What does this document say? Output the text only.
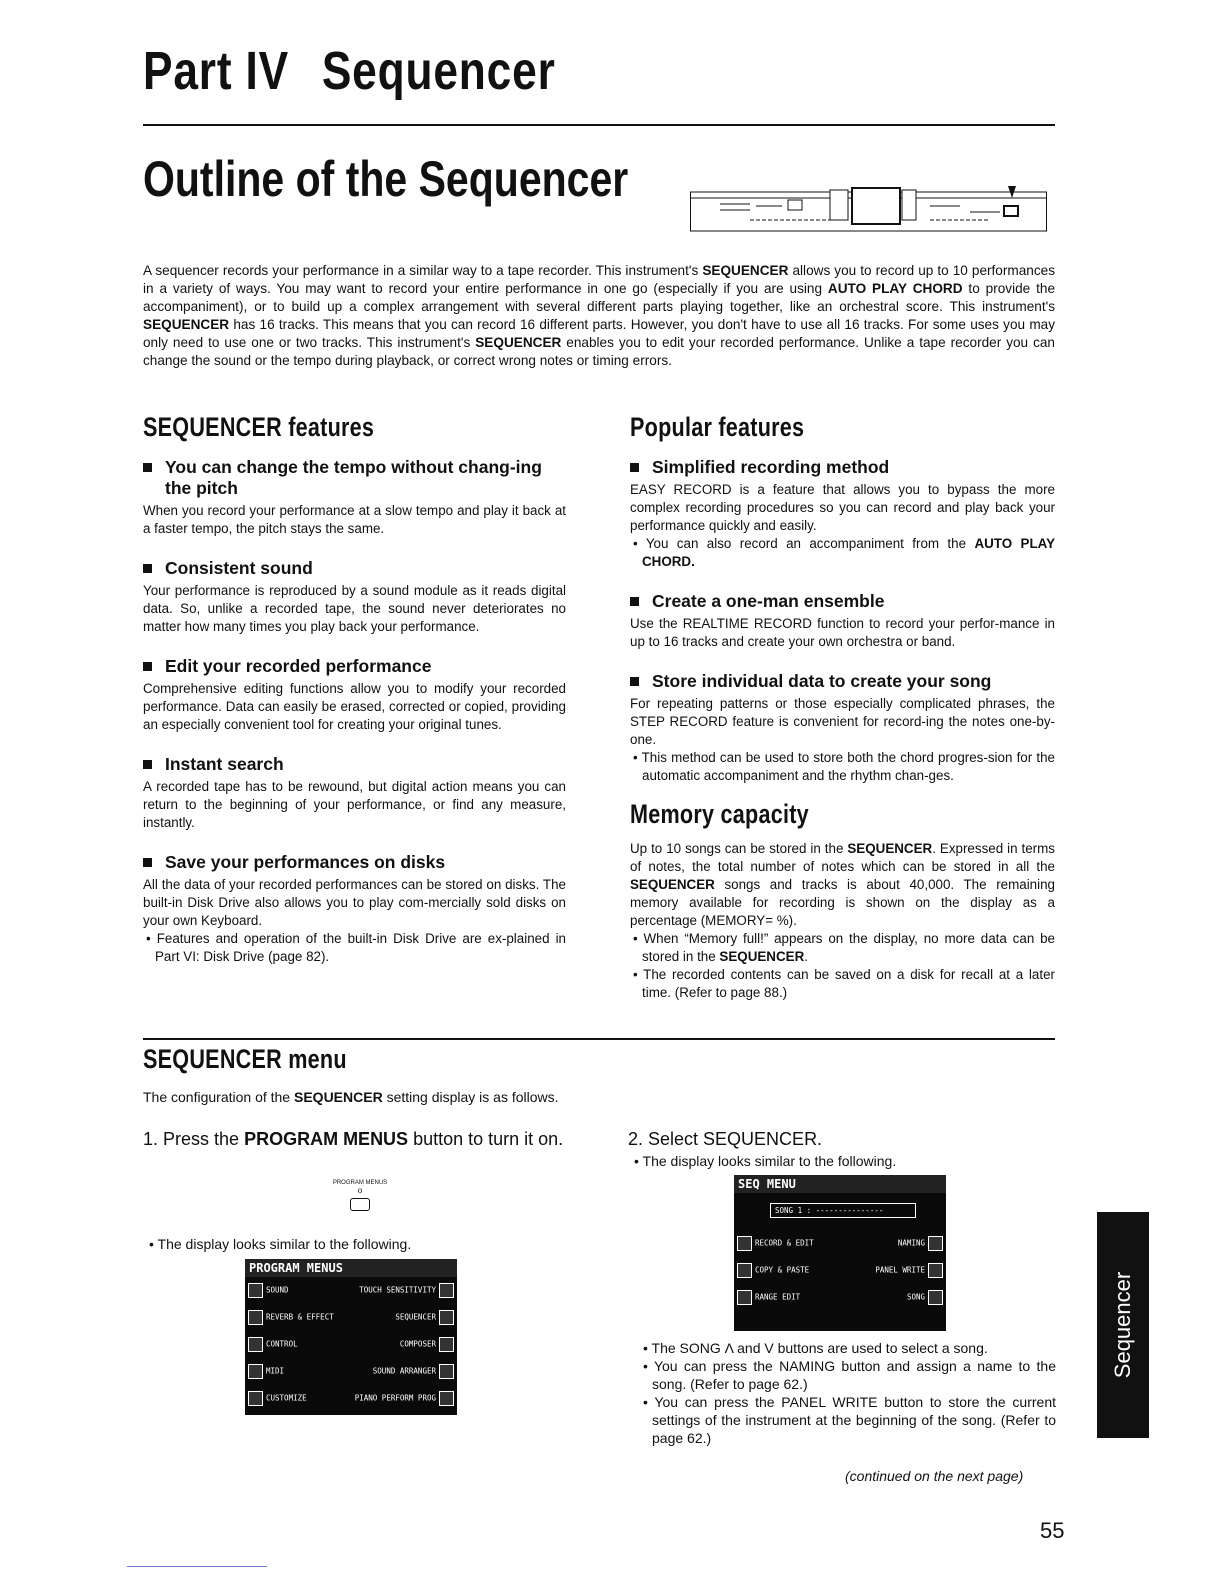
Part IV Sequencer
Outline of the Sequencer
A sequencer records your performance in a similar way to a tape recorder. This instrument's SEQUENCER allows you to record up to 10 performances in a variety of ways. You may want to record your entire performance in one go (especially if you are using AUTO PLAY CHORD to provide the accompaniment), or to build up a complex arrangement with several different parts playing together, like an orchestral score. This instrument's SEQUENCER has 16 tracks. This means that you can record 16 different parts. However, you don't have to use all 16 tracks. For some uses you may only need to use one or two tracks. This instrument's SEQUENCER enables you to edit your recorded performance. Unlike a tape recorder you can change the sound or the tempo during playback, or correct wrong notes or timing errors.
SEQUENCER features
You can change the tempo without chang-ing the pitch

When you record your performance at a slow tempo and play it back at a faster tempo, the pitch stays the same.

Consistent sound

Your performance is reproduced by a sound module as it reads digital data. So, unlike a recorded tape, the sound never deteriorates no matter how many times you play back your performance.

Edit your recorded performance

Comprehensive editing functions allow you to modify your recorded performance. Data can easily be erased, corrected or copied, providing an especially convenient tool for creating your original tunes.

Instant search

A recorded tape has to be rewound, but digital action means you can return to the beginning of your performance, or find any measure, instantly.

Save your performances on disks

All the data of your recorded performances can be stored on disks. The built-in Disk Drive also allows you to play com-mercially sold disks on your own Keyboard.

• Features and operation of the built-in Disk Drive are ex-plained in Part VI: Disk Drive (page 82).

Popular features
Simplified recording method

EASY RECORD is a feature that allows you to bypass the more complex recording procedures so you can record and play back your performance quickly and easily.

• You can also record an accompaniment from the AUTO PLAY CHORD.

Create a one-man ensemble

Use the REALTIME RECORD function to record your perfor-mance in up to 16 tracks and create your own orchestra or band.

Store individual data to create your song

For repeating patterns or those especially complicated phrases, the STEP RECORD feature is convenient for record-ing the notes one-by-one.

• This method can be used to store both the chord progres-sion for the automatic accompaniment and the rhythm chan-ges.

Memory capacity

Up to 10 songs can be stored in the SEQUENCER. Expressed in terms of notes, the total number of notes which can be stored in all the SEQUENCER songs and tracks is about 40,000. The remaining memory available for recording is shown on the display as a percentage (MEMORY= %).

• When “Memory full!” appears on the display, no more data can be stored in the SEQUENCER.

• The recorded contents can be saved on a disk for recall at a later time. (Refer to page 88.)

SEQUENCER menu
The configuration of the SEQUENCER setting display is as follows.
1. Press the PROGRAM MENUS button to turn it on.
PROGRAM MENUS
o
• The display looks similar to the following.
PROGRAM MENUS
SOUND	TOUCH SENSITIVITY
REVERB & EFFECT	SEQUENCER
CONTROL	COMPOSER
MIDI	SOUND ARRANGER
CUSTOMIZE	PIANO PERFORM PROG
2. Select SEQUENCER.
• The display looks similar to the following.
SEQ MENU
SONG 1 : ---------------
RECORD & EDIT	NAMING
COPY & PASTE	PANEL WRITE
RANGE EDIT	SONG

• The SONG Λ and V buttons are used to select a song.

• You can press the NAMING button and assign a name to the song. (Refer to page 62.)

• You can press the PANEL WRITE button to store the current settings of the instrument at the beginning of the song. (Refer to page 62.)

Sequencer
(continued on the next page)
55
